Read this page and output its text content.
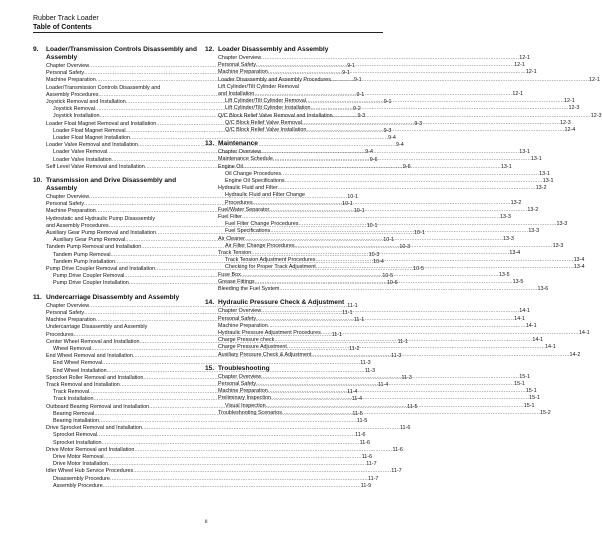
Rubber Track Loader
Table of Contents
9.	Loader/Transmission Controls Disassembly and Assembly
Chapter Overview .....	9-1
Personal Safety .....	9-1
Machine Preparation .....	9-1
Loader/Transmission Controls Disassembly and
Assembly Procedures .....	9-1
Joystick Removal and Installation .....	9-1
Joystick Removal .....	9-2
Joystick Installation .....	9-3
Loader Float Magnet Removal and Installation .....	9-3
Loader Float Magnet Removal .....	9-3
Loader Float Magnet Installation .....	9-4
Loader Valve Removal and Installation .....	9-4
Loader Valve Removal .....	9-4
Loader Valve Installation .....	9-6
Self Level Valve Removal and Installation .....	9-6
10. Transmission and Drive Disassembly and Assembly
Chapter Overview .....	10-1
Personal Safety .....	10-1
Machine Preparation .....	10-1
Hydrostatic and Hydraulic Pump Disassembly
and Assembly Procedures .....	10-1
Auxiliary Gear Pump Removal and Installation .....	10-1
Auxiliary Gear Pump Removal .....	10-1
Tandem Pump Removal and Installation .....	10-3
Tandem Pump Removal .....	10-3
Tandem Pump Installation .....	10-4
Pump Drive Coupler Removal and Installation .....	10-5
Pump Drive Coupler Removal .....	10-5
Pump Drive Coupler Installation .....	10-6
11. Undercarriage Disassembly and Assembly
Chapter Overview .....	11-1
Personal Safety .....	11-1
Machine Preparation .....	11-1
Undercarriage Disassembly and Assembly
Procedures .....	11-1
Center Wheel Removal and Installation .....	11-1
Wheel Removal .....	11-2
End Wheel Removal and Installation .....	11-3
End Wheel Removal .....	11-3
End Wheel Installation .....	11-3
Sprocket Roller Removal and Installation .....	11-3
Track Removal and Installation .....	11-4
Track Removal .....	11-4
Track Installation .....	11-4
Outboard Bearing Removal and Installation .....	11-5
Bearing Removal .....	11-5
Bearing Installation .....	11-5
Drive Sprocket Removal and Installation .....	11-6
Sprocket Removal .....	11-6
Sprocket Installation .....	11-6
Drive Motor Removal and Installation .....	11-6
Drive Motor Removal .....	11-6
Drive Motor Installation .....	11-7
Idler Wheel Hub Service Procedures .....	11-7
Disassembly Procedure .....	11-7
Assembly Procedure .....	11-9
12. Loader Disassembly and Assembly
Chapter Overview .....	12-1
Personal Safety .....	12-1
Machine Preparation .....	12-1
Loader Disassembly and Assembly Procedures .....	12-1
Lift Cylinder/Tilt Cylinder Removal
and Installation .....	12-1
Lift Cylinder/Tilt Cylinder Removal .....	12-1
Lift Cylinder/Tilt Cylinder Installation .....	12-3
Q/C Block Relief Valve Removal and Installation .....	12-3
Q/C Block Relief Valve Removal .....	12-3
Q/C Block Relief Valve Installation .....	12-4
13. Maintenance
Chapter Overview .....	13-1
Maintenance Schedule .....	13-1
Engine Oil .....	13-1
Oil Change Procedures .....	13-1
Engine Oil Specifications .....	13-1
Hydraulic Fluid and Filter .....	13-2
Hydraulic Fluid and Filter Change
Procedures .....	13-2
Fuel/Water Separator .....	13-2
Fuel Filter .....	13-3
Fuel Filter Change Procedures .....	13-3
Fuel Specifications .....	13-3
Air Cleaner .....	13-3
Air Filter Change Procedures .....	13-3
Track Tension .....	13-4
Track Tension Adjustment Procedures .....	13-4
Checking for Proper Track Adjustment .....	13-4
Fuse Box .....	13-5
Grease Fittings .....	13-5
Bleeding the Fuel System .....	13-6
14. Hydraulic Pressure Check & Adjustment
Chapter Overview .....	14-1
Personal Safety .....	14-1
Machine Preparation .....	14-1
Hydraulic Pressure Adjustment Procedures .....	14-1
Charge Pressure check .....	14-1
Charge Pressure Adjustment .....	14-1
Auxiliary Pressure Check & Adjustment .....	14-2
15. Troubleshooting
Chapter Overview .....	15-1
Personal Safety .....	15-1
Machine Preparation .....	15-1
Preliminary Inspection .....	15-1
Visual Inspection .....	15-1
Troubleshooting Scenarios .....	15-2
ii
